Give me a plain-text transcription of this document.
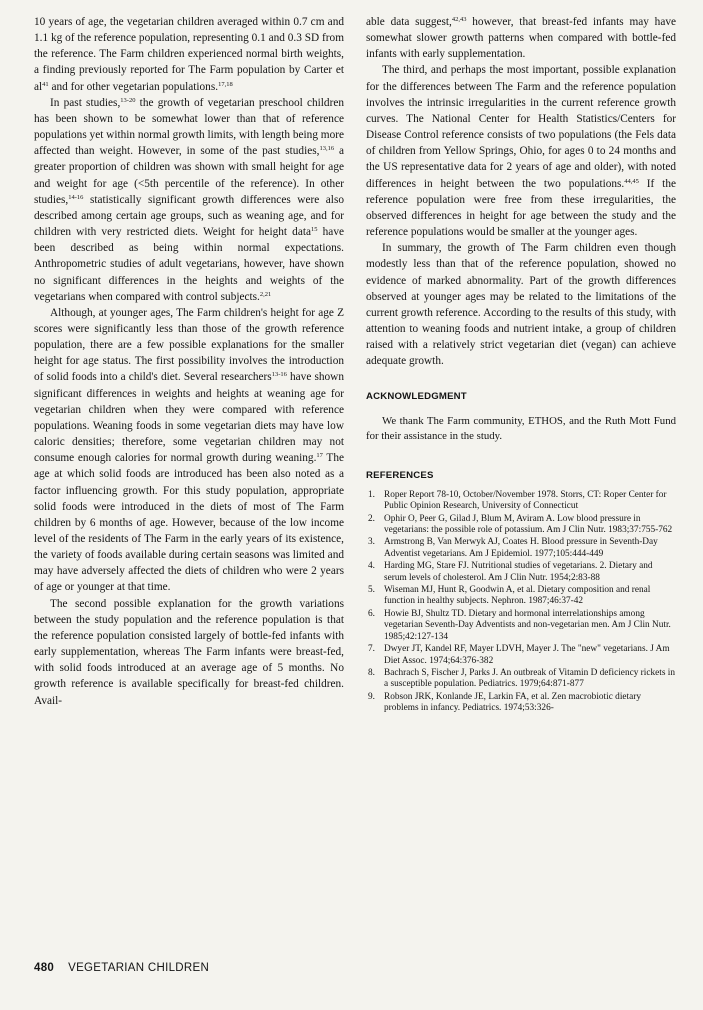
10 years of age, the vegetarian children averaged within 0.7 cm and 1.1 kg of the reference population, representing 0.1 and 0.3 SD from the reference. The Farm children experienced normal birth weights, a finding previously reported for The Farm population by Carter et $al^{41}$ and for other vegetarian populations.$^{17,18}$

In past studies,$^{13-20}$ the growth of vegetarian preschool children has been shown to be somewhat lower than that of reference populations yet within normal growth limits, with length being more affected than weight. However, in some of the past studies,$^{13,16}$ a greater proportion of children was shown with small height for age and weight for age (<5th percentile of the reference). In other studies,$^{14-16}$ statistically significant growth differences were also described among certain age groups, such as weaning age, and for children with very restricted diets. Weight for height data$^{15}$ have been described as being within normal expectations. Anthropometric studies of adult vegetarians, however, have shown no significant differences in the heights and weights of the vegetarians when compared with control subjects.$^{2,21}$

Although, at younger ages, The Farm children's height for age Z scores were significantly less than those of the growth reference population, there are a few possible explanations for the smaller height for age status. The first possibility involves the introduction of solid foods into a child's diet. Several researchers$^{13-16}$ have shown significant differences in weights and heights at weaning age for vegetarian children when they were compared with reference populations. Weaning foods in some vegetarian diets may have low caloric densities; therefore, some vegetarian children may not consume enough calories for normal growth during weaning.$^{17}$ The age at which solid foods are introduced has been also noted as a factor influencing growth. For this study population, appropriate solid foods were introduced in the diets of most of The Farm children by 6 months of age. However, because of the low income level of the residents of The Farm in the early years of its existence, the variety of foods available during certain seasons was limited and may have adversely affected the diets of children who were 2 years of age or younger at that time.

The second possible explanation for the growth variations between the study population and the reference population is that the reference population consisted largely of bottle-fed infants with early supplementation, whereas The Farm infants were breast-fed, with solid foods introduced at an average age of 5 months. No growth reference is available specifically for breast-fed children. Avail-

able data suggest,$^{42,43}$ however, that breast-fed infants may have somewhat slower growth patterns when compared with bottle-fed infants with early supplementation.

The third, and perhaps the most important, possible explanation for the differences between The Farm and the reference population involves the intrinsic irregularities in the current reference growth curves. The National Center for Health Statistics/Centers for Disease Control reference consists of two populations (the Fels data of children from Yellow Springs, Ohio, for ages 0 to 24 months and the US representative data for 2 years of age and older), with noted differences in height between the two populations.$^{44,45}$ If the reference population were free from these irregularities, the observed differences in height for age between the study and the reference populations would be smaller at the younger ages.

In summary, the growth of The Farm children even though modestly less than that of the reference population, showed no evidence of marked abnormality. Part of the growth differences observed at younger ages may be related to the limitations of the current growth reference. According to the results of this study, with attention to weaning foods and nutrient intake, a group of children raised with a relatively strict vegetarian diet (vegan) can achieve adequate growth.

ACKNOWLEDGMENT

We thank The Farm community, ETHOS, and the Ruth Mott Fund for their assistance in the study.

REFERENCES
1. Roper Report 78-10, October/November 1978. Storrs, CT: Roper Center for Public Opinion Research, University of Connecticut
2. Ophir O, Peer G, Gilad J, Blum M, Aviram A. Low blood pressure in vegetarians: the possible role of potassium. Am J Clin Nutr. 1983;37:755-762
3. Armstrong B, Van Merwyk AJ, Coates H. Blood pressure in Seventh-Day Adventist vegetarians. Am J Epidemiol. 1977;105:444-449
4. Harding MG, Stare FJ. Nutritional studies of vegetarians. 2. Dietary and serum levels of cholesterol. Am J Clin Nutr. 1954;2:83-88
5. Wiseman MJ, Hunt R, Goodwin A, et al. Dietary composition and renal function in healthy subjects. Nephron. 1987;46:37-42
6. Howie BJ, Shultz TD. Dietary and hormonal interrelationships among vegetarian Seventh-Day Adventists and non-vegetarian men. Am J Clin Nutr. 1985;42:127-134
7. Dwyer JT, Kandel RF, Mayer LDVH, Mayer J. The "new" vegetarians. J Am Diet Assoc. 1974;64:376-382
8. Bachrach S, Fischer J, Parks J. An outbreak of Vitamin D deficiency rickets in a susceptible population. Pediatrics. 1979;64:871-877
9. Robson JRK, Konlande JE, Larkin FA, et al. Zen macrobiotic dietary problems in infancy. Pediatrics. 1974;53:326-
480 VEGETARIAN CHILDREN
